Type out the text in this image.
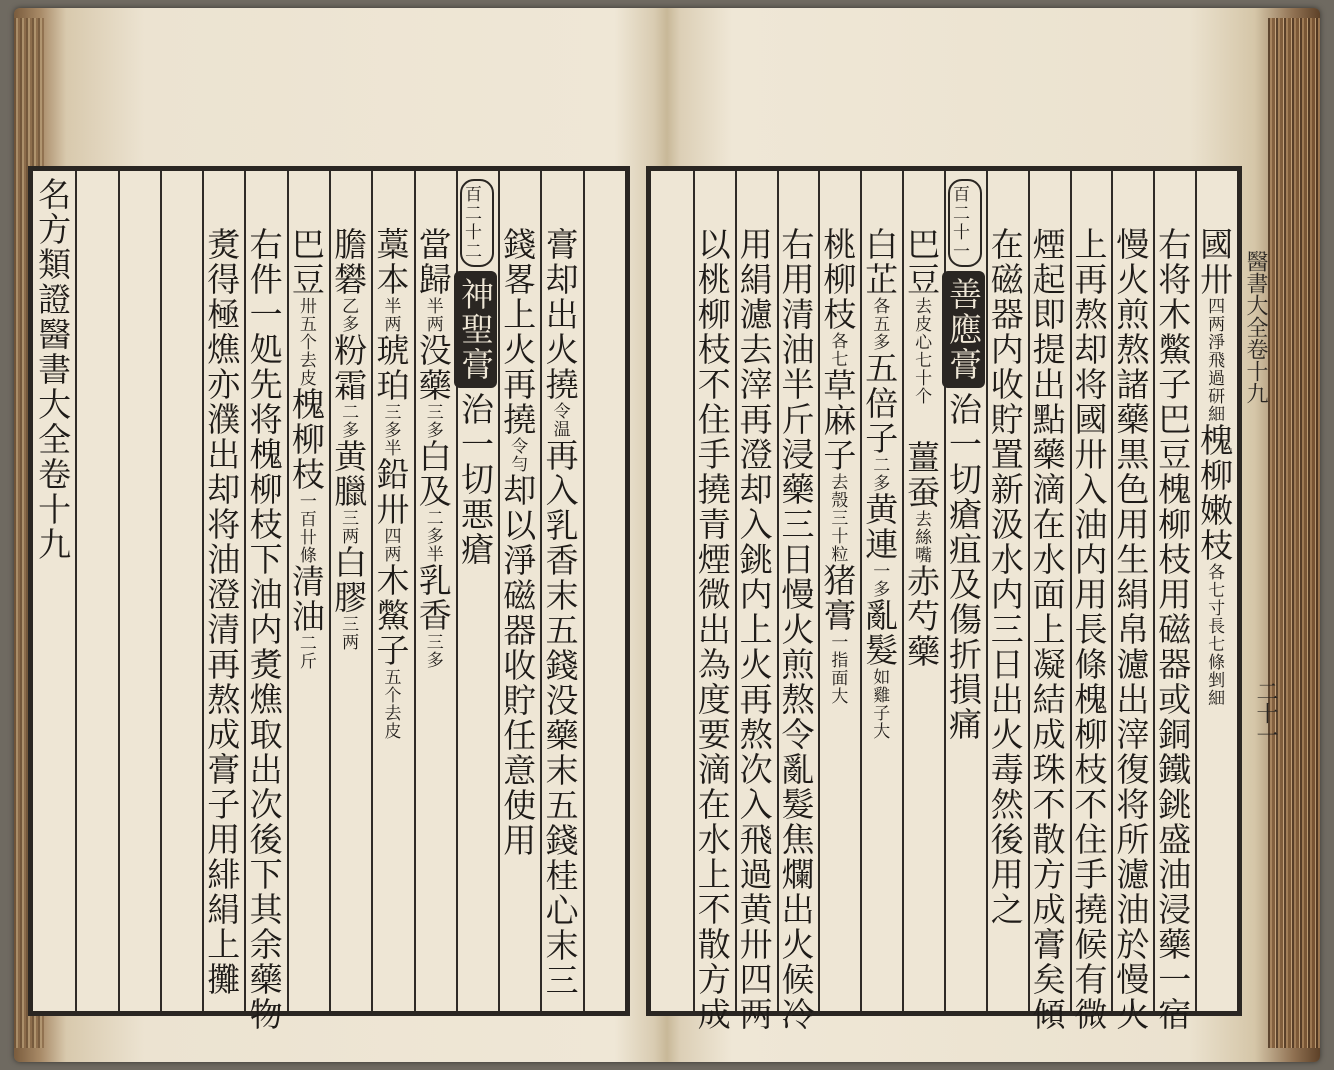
膏却出火撓令温再入乳香末五錢没藥末五錢桂心末三
錢畧上火再撓令勻却以淨磁器收貯任意使用
百二十二
神聖膏治一切悪瘡
當歸半两没藥三多白及二多半乳香三多
藁本半两琥珀三多半鉛卅四两木鱉子五个去皮
膽礬乙多粉霜二多黄臘三两白膠三两
巴豆卅五个去皮槐柳枝一百卄條清油二斤
右件一処先将槐柳枝下油内煑燋取出次後下其余藥物
煑得極燋亦濮出却将油澄清再熬成膏子用緋絹上攤
名方類證醫書大全卷十九	國卅四两淨飛過研細槐柳嫩枝各七寸長七條剉細
右将木鱉子巴豆槐柳枝用磁器或銅鐵銚盛油浸藥一宿
慢火煎熬諸藥黒色用生絹帛濾出滓復将所濾油於慢火
上再熬却将國卅入油内用長條槐柳枝不住手撓候有微
煙起即提出點藥滴在水面上凝結成珠不散方成膏矣傾
在磁器内收貯置新汲水内三日出火毒然後用之
百二十一
善應膏治一切瘡疽及傷折損痛
巴豆去皮心七十个　薑蚕去絲嘴赤芍藥
白芷各五多五倍子二多黄連一多亂髮如雞子大
桃柳枝各七草麻子去殼三十粒猪膏一指面大
右用清油半斤浸藥三日慢火煎熬令亂髮焦爛出火候冷
用絹濾去滓再澄却入銚内上火再熬次入飛過黄卅四两
以桃柳枝不住手撓青煙微出為度要滴在水上不散方成	二十一
醫書大全卷十九
